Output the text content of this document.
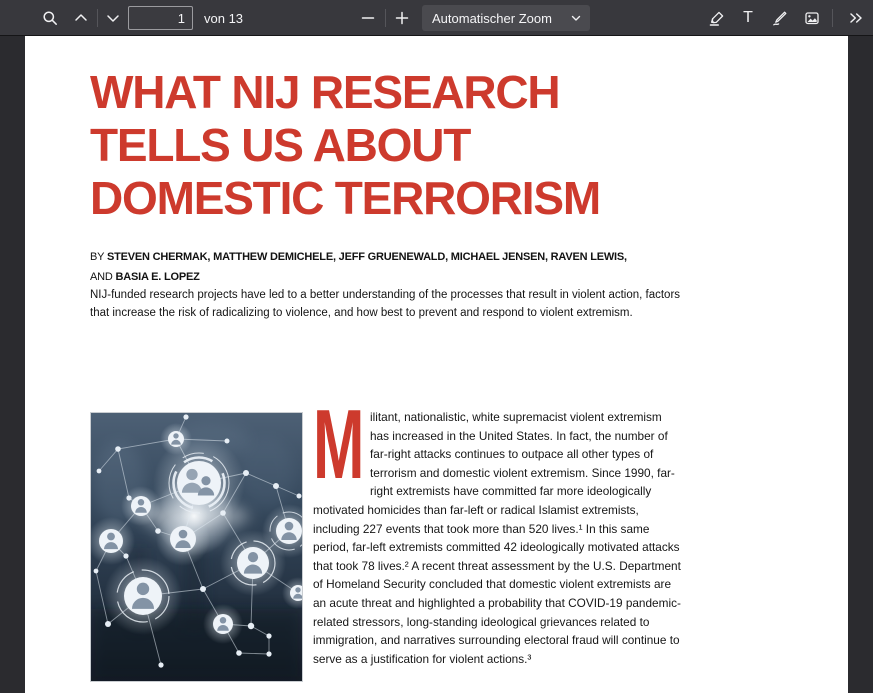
1
von 13	Automatischer Zoom	T
WHAT NIJ RESEARCH
TELLS US ABOUT
DOMESTIC TERRORISM
BY STEVEN CHERMAK, MATTHEW DEMICHELE, JEFF GRUENEWALD, MICHAEL JENSEN, RAVEN LEWIS,
AND BASIA E. LOPEZ
NIJ-funded research projects have led to a better understanding of the processes that result in violent action, factors that increase the risk of radicalizing to violence, and how best to prevent and respond to violent extremism.
Militant, nationalistic, white supremacist violent extremism has increased in the United States. In fact, the number of far-right attacks continues to outpace all other types of terrorism and domestic violent extremism. Since 1990, far-right extremists have committed far more ideologically motivated homicides than far-left or radical Islamist extremists, including 227 events that took more than 520 lives.¹ In this same period, far-left extremists committed 42 ideologically motivated attacks that took 78 lives.² A recent threat assessment by the U.S. Department of Homeland Security concluded that domestic violent extremists are an acute threat and highlighted a probability that COVID-19 pandemic-related stressors, long-standing ideological grievances related to immigration, and narratives surrounding electoral fraud will continue to serve as a justification for violent actions.³
